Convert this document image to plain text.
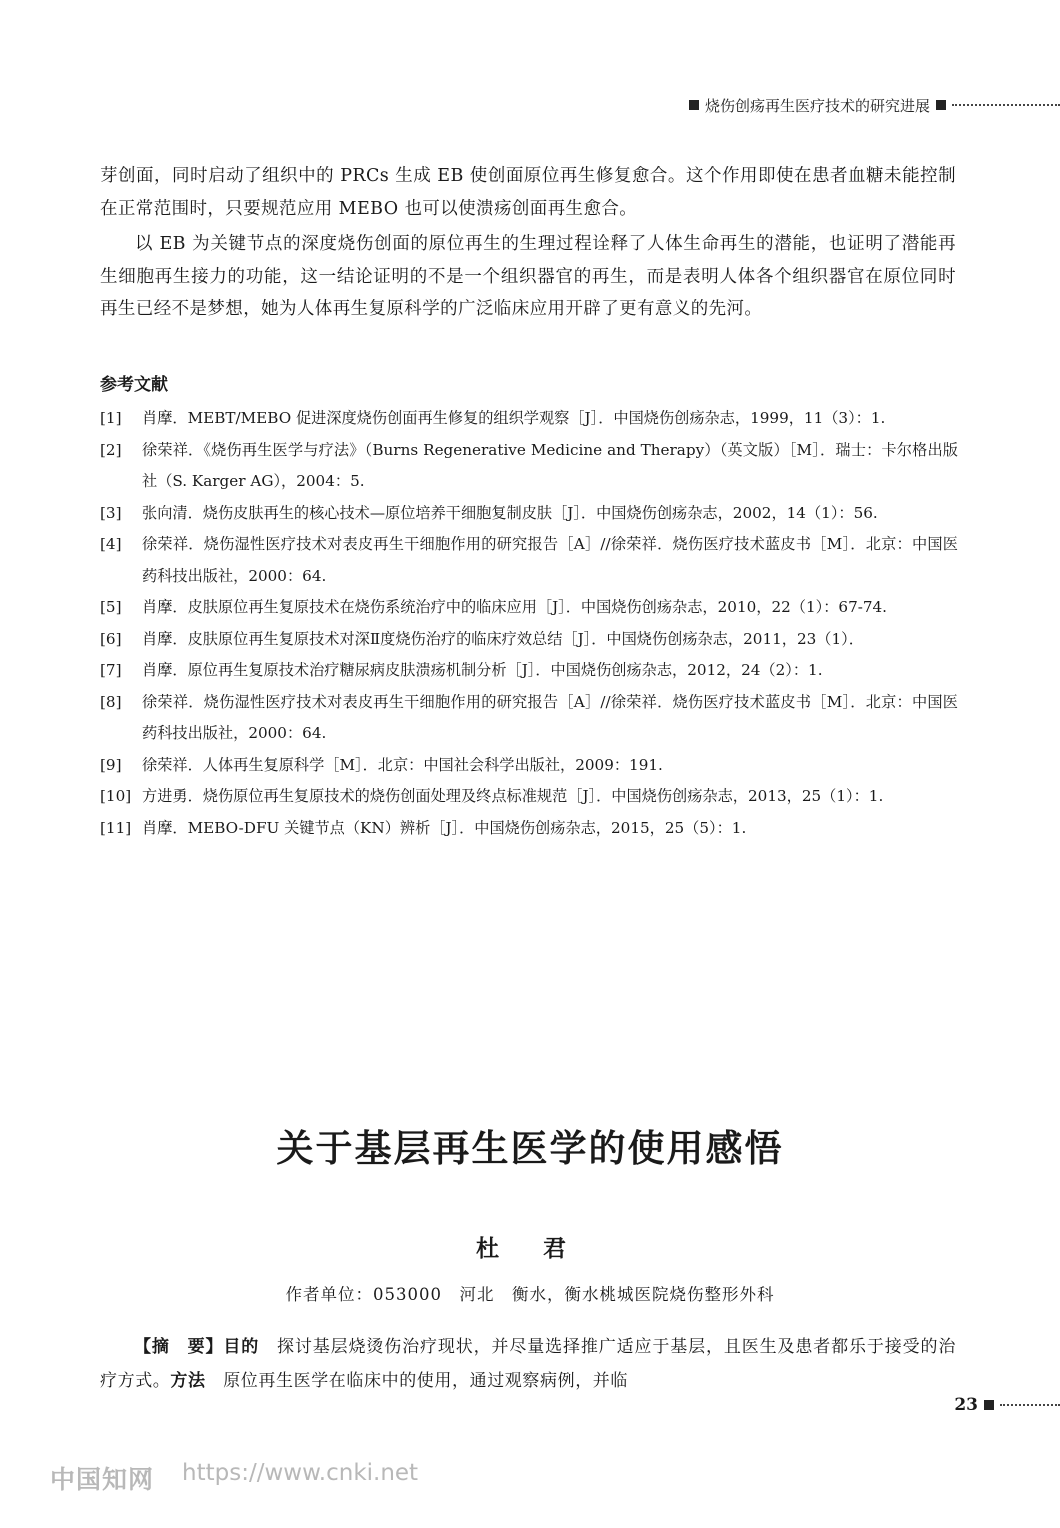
烧伤创疡再生医疗技术的研究进展

芽创面，同时启动了组织中的 PRCs 生成 EB 使创面原位再生修复愈合。这个作用即使在患者血糖未能控制在正常范围时，只要规范应用 MEBO 也可以使溃疡创面再生愈合。

以 EB 为关键节点的深度烧伤创面的原位再生的生理过程诠释了人体生命再生的潜能，也证明了潜能再生细胞再生接力的功能，这一结论证明的不是一个组织器官的再生，而是表明人体各个组织器官在原位同时再生已经不是梦想，她为人体再生复原科学的广泛临床应用开辟了更有意义的先河。

参考文献
[1]	肖摩．MEBT/MEBO 促进深度烧伤创面再生修复的组织学观察［J］．中国烧伤创疡杂志，1999，11（3）：1.
[2]	徐荣祥．《烧伤再生医学与疗法》（Burns Regenerative Medicine and Therapy）（英文版）［M］．瑞士：卡尔格出版社（S. Karger AG），2004：5.
[3]	张向清．烧伤皮肤再生的核心技术—原位培养干细胞复制皮肤［J］．中国烧伤创疡杂志，2002，14（1）：56.
[4]	徐荣祥．烧伤湿性医疗技术对表皮再生干细胞作用的研究报告［A］//徐荣祥．烧伤医疗技术蓝皮书［M］．北京：中国医药科技出版社，2000：64.
[5]	肖摩．皮肤原位再生复原技术在烧伤系统治疗中的临床应用［J］．中国烧伤创疡杂志，2010，22（1）：67-74.
[6]	肖摩．皮肤原位再生复原技术对深Ⅱ度烧伤治疗的临床疗效总结［J］．中国烧伤创疡杂志，2011，23（1）．
[7]	肖摩．原位再生复原技术治疗糖尿病皮肤溃疡机制分析［J］．中国烧伤创疡杂志，2012，24（2）：1.
[8]	徐荣祥．烧伤湿性医疗技术对表皮再生干细胞作用的研究报告［A］//徐荣祥．烧伤医疗技术蓝皮书［M］．北京：中国医药科技出版社，2000：64.
[9]	徐荣祥．人体再生复原科学［M］．北京：中国社会科学出版社，2009：191.
[10] 方进勇．烧伤原位再生复原技术的烧伤创面处理及终点标准规范［J］．中国烧伤创疡杂志，2013，25（1）：1.
[11] 肖摩．MEBO-DFU 关键节点（KN）辨析［J］．中国烧伤创疡杂志，2015，25（5）：1.
关于基层再生医学的使用感悟
杜 君
作者单位：053000　河北　衡水，衡水桃城医院烧伤整形外科

【摘　要】目的　探讨基层烧烫伤治疗现状，并尽量选择推广适应于基层，且医生及患者都乐于接受的治疗方式。方法　原位再生医学在临床中的使用，通过观察病例，并临

23
中国知网 https://www.cnki.net
